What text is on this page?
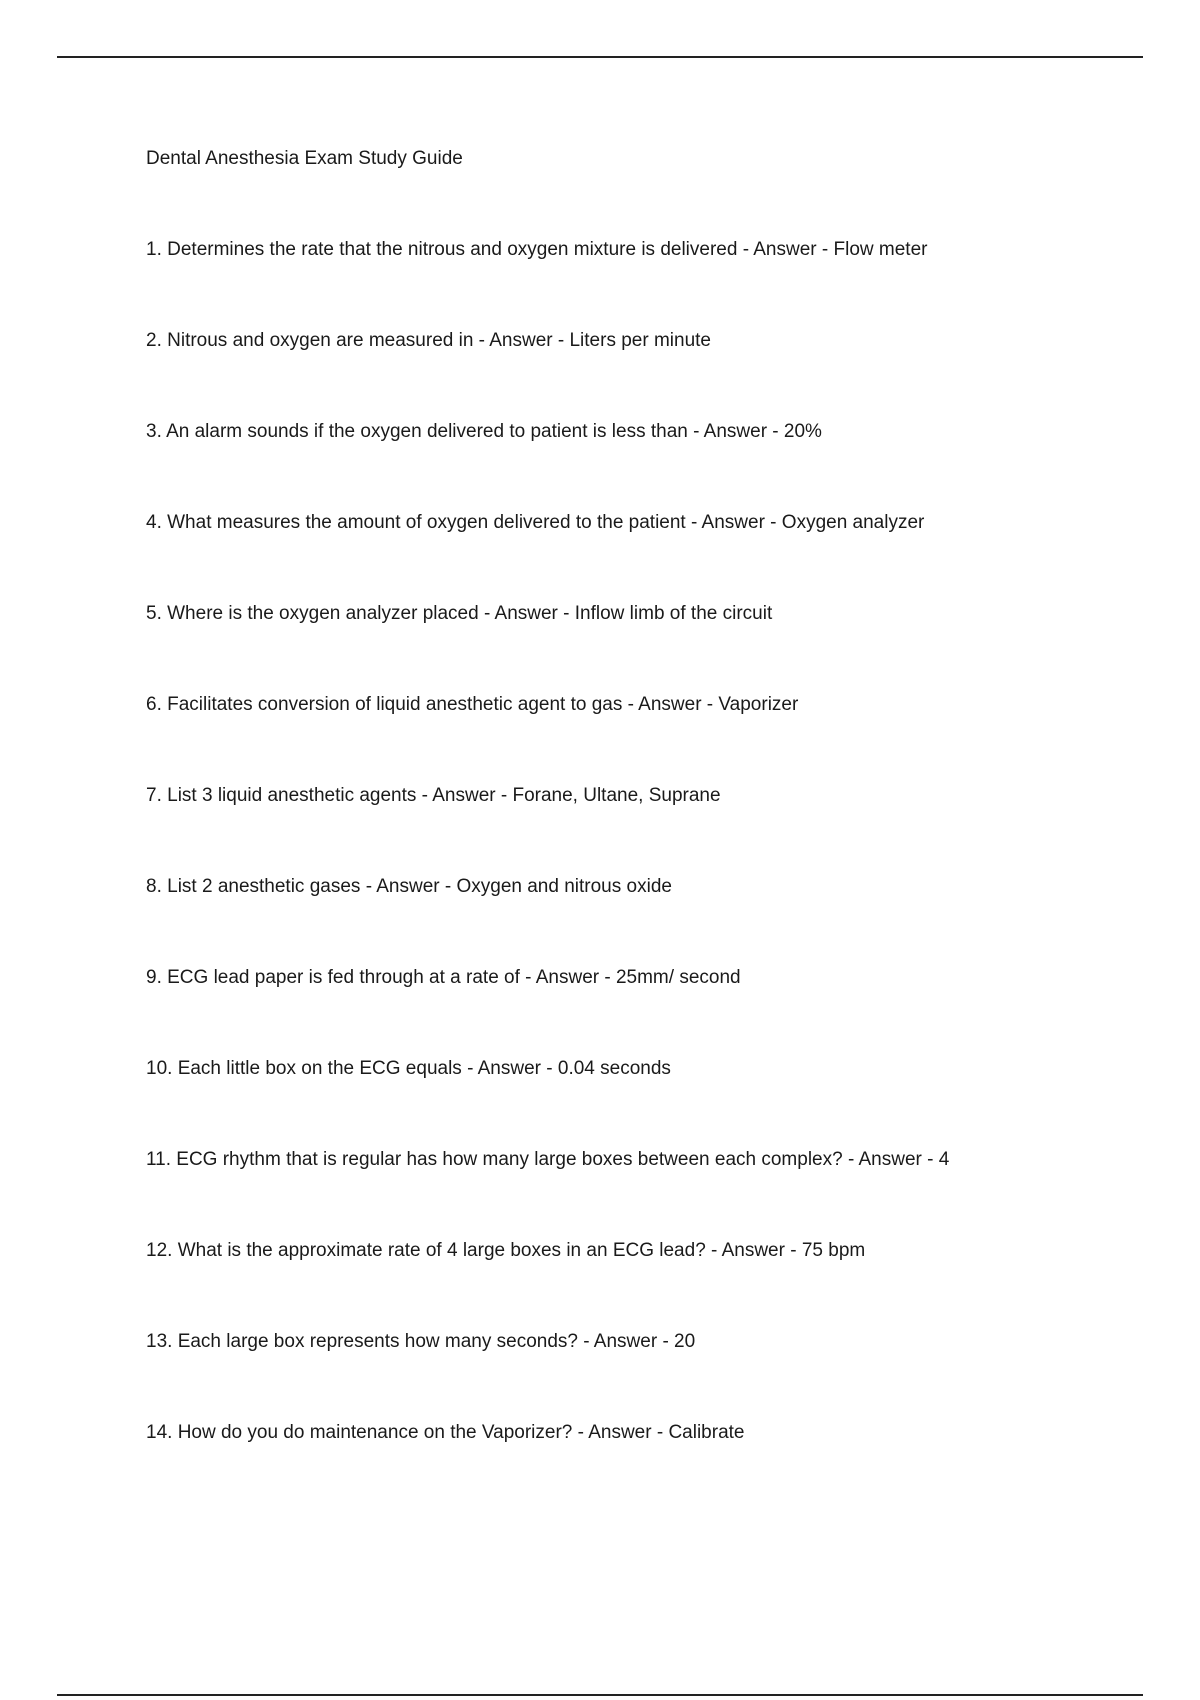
Dental Anesthesia Exam Study Guide
1. Determines the rate that the nitrous and oxygen mixture is delivered - Answer - Flow meter
2. Nitrous and oxygen are measured in - Answer - Liters per minute
3. An alarm sounds if the oxygen delivered to patient is less than - Answer - 20%
4. What measures the amount of oxygen delivered to the patient - Answer - Oxygen analyzer
5. Where is the oxygen analyzer placed - Answer - Inflow limb of the circuit
6. Facilitates conversion of liquid anesthetic agent to gas - Answer - Vaporizer
7. List 3 liquid anesthetic agents - Answer - Forane, Ultane, Suprane
8. List 2 anesthetic gases - Answer - Oxygen and nitrous oxide
9. ECG lead paper is fed through at a rate of - Answer - 25mm/ second
10. Each little box on the ECG equals - Answer - 0.04 seconds
11. ECG rhythm that is regular has how many large boxes between each complex? - Answer - 4
12. What is the approximate rate of 4 large boxes in an ECG lead? - Answer - 75 bpm
13. Each large box represents how many seconds? - Answer - 20
14. How do you do maintenance on the Vaporizer? - Answer - Calibrate
